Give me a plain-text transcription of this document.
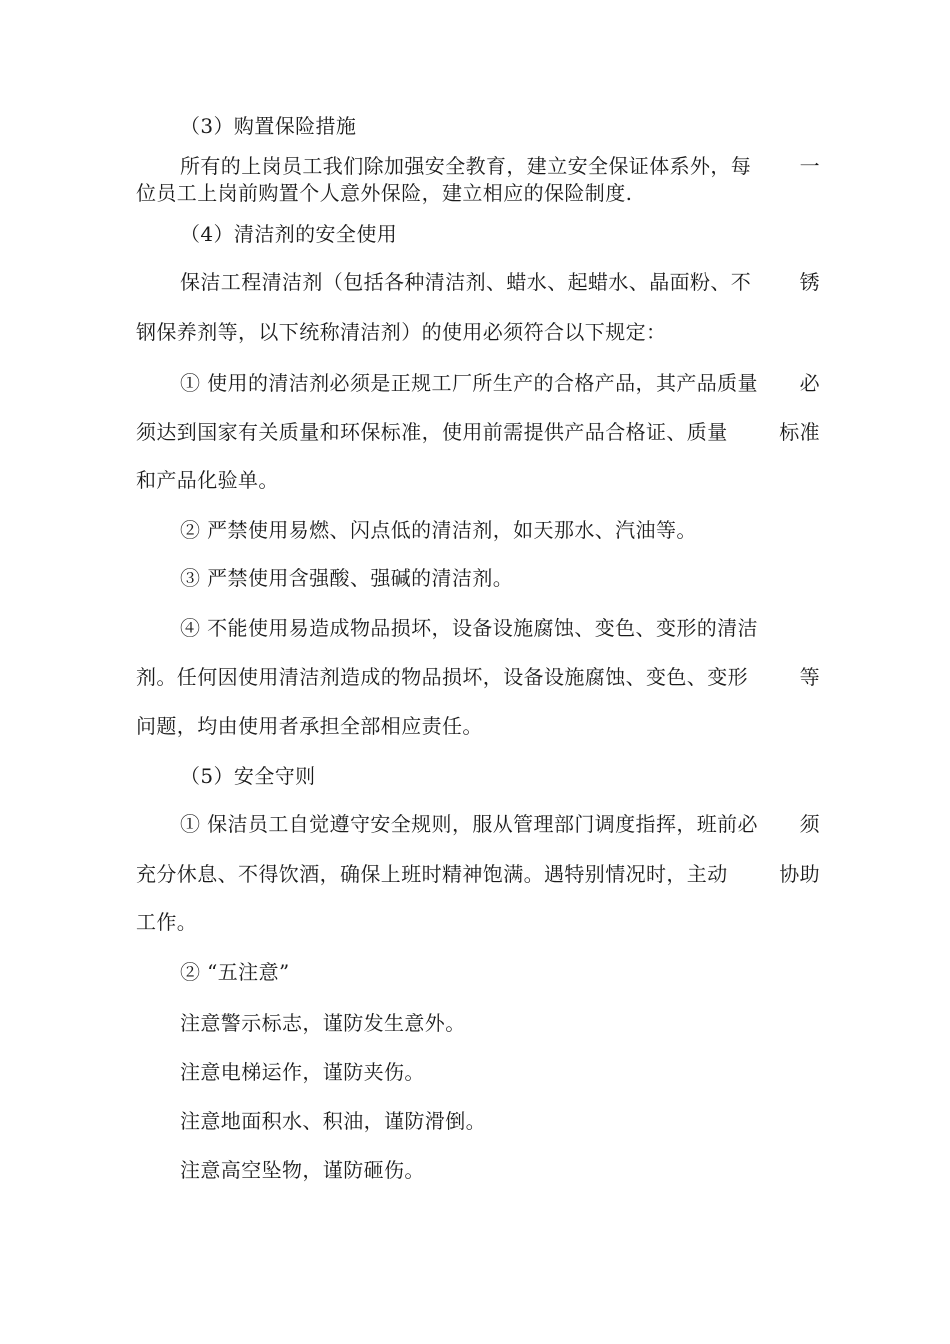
（3）购置保险措施
所有的上岗员工我们除加强安全教育，建立安全保证体系外，每 一
位员工上岗前购置个人意外保险，建立相应的保险制度.
（4）清洁剂的安全使用
保洁工程清洁剂（包括各种清洁剂、蜡水、起蜡水、晶面粉、不 锈
钢保养剂等，以下统称清洁剂）的使用必须符合以下规定：
① 使用的清洁剂必须是正规工厂所生产的合格产品，其产品质量 必
须达到国家有关质量和环保标准，使用前需提供产品合格证、质量	标准
和产品化验单。
② 严禁使用易燃、闪点低的清洁剂，如天那水、汽油等。
③ 严禁使用含强酸、强碱的清洁剂。
④ 不能使用易造成物品损坏，设备设施腐蚀、变色、变形的清洁
剂。任何因使用清洁剂造成的物品损坏，设备设施腐蚀、变色、变形	等
问题，均由使用者承担全部相应责任。
（5）安全守则
① 保洁员工自觉遵守安全规则，服从管理部门调度指挥，班前必 须
充分休息、不得饮酒，确保上班时精神饱满。遇特别情况时，主动	协助
工作。
② “五注意”
注意警示标志，谨防发生意外。
注意电梯运作，谨防夹伤。
注意地面积水、积油，谨防滑倒。
注意高空坠物，谨防砸伤。
